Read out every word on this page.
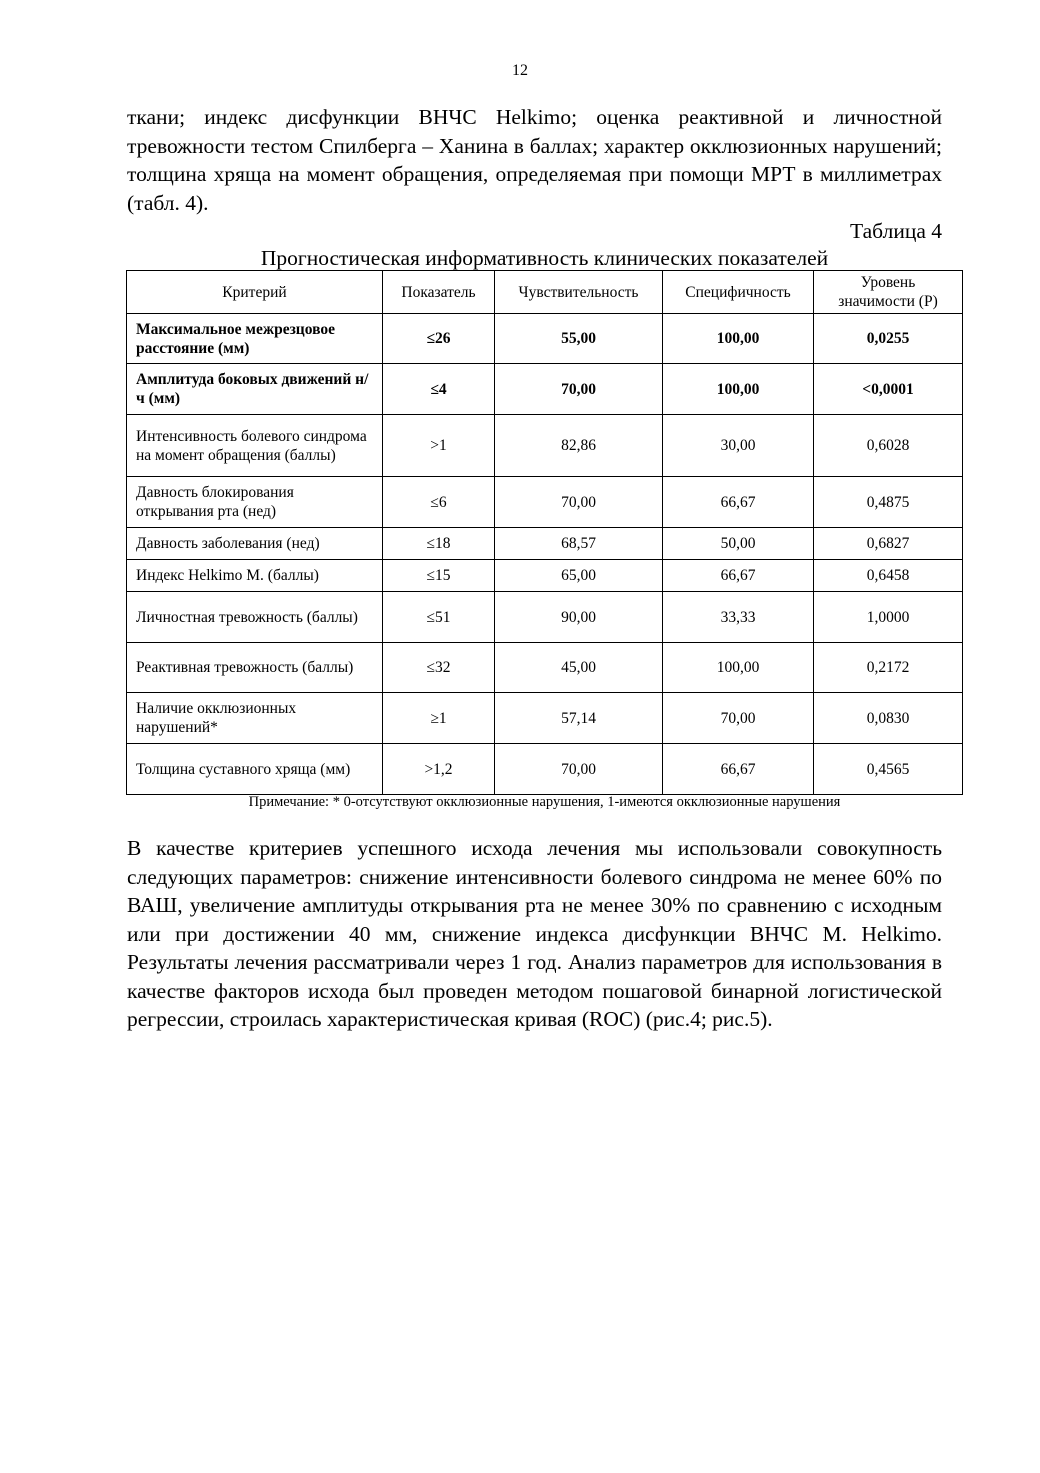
12
ткани; индекс дисфункции ВНЧС Helkimo; оценка реактивной и личностной тревожности тестом Спилберга – Ханина в баллах; характер окклюзионных нарушений; толщина хряща на момент обращения, определяемая при помощи МРТ в миллиметрах (табл. 4).
Таблица 4
Прогностическая информативность клинических показателей
Критерий	Показатель	Чувствительность	Специфичность	Уровень значимости (P)
Максимальное межрезцовое расстояние (мм)	≤26	55,00	100,00	0,0255
Амплитуда боковых движений н/ч (мм)	≤4	70,00	100,00	<0,0001
Интенсивность болевого синдрома на момент обращения (баллы)	>1	82,86	30,00	0,6028
Давность блокирования открывания рта (нед)	≤6	70,00	66,67	0,4875
Давность заболевания (нед)	≤18	68,57	50,00	0,6827
Индекс Helkimo M. (баллы)	≤15	65,00	66,67	0,6458
Личностная тревожность (баллы)	≤51	90,00	33,33	1,0000
Реактивная тревожность (баллы)	≤32	45,00	100,00	0,2172
Наличие окклюзионных нарушений*	≥1	57,14	70,00	0,0830
Толщина суставного хряща (мм)	>1,2	70,00	66,67	0,4565
Примечание: * 0-отсутствуют окклюзионные нарушения, 1-имеются окклюзионные нарушения
В качестве критериев успешного исхода лечения мы использовали совокупность следующих параметров: снижение интенсивности болевого синдрома не менее 60% по ВАШ, увеличение амплитуды открывания рта не менее 30% по сравнению с исходным или при достижении 40 мм, снижение индекса дисфункции ВНЧС M. Helkimo. Результаты лечения рассматривали через 1 год. Анализ параметров для использования в качестве факторов исхода был проведен методом пошаговой бинарной логистической регрессии, строилась характеристическая кривая (ROC) (рис.4; рис.5).
